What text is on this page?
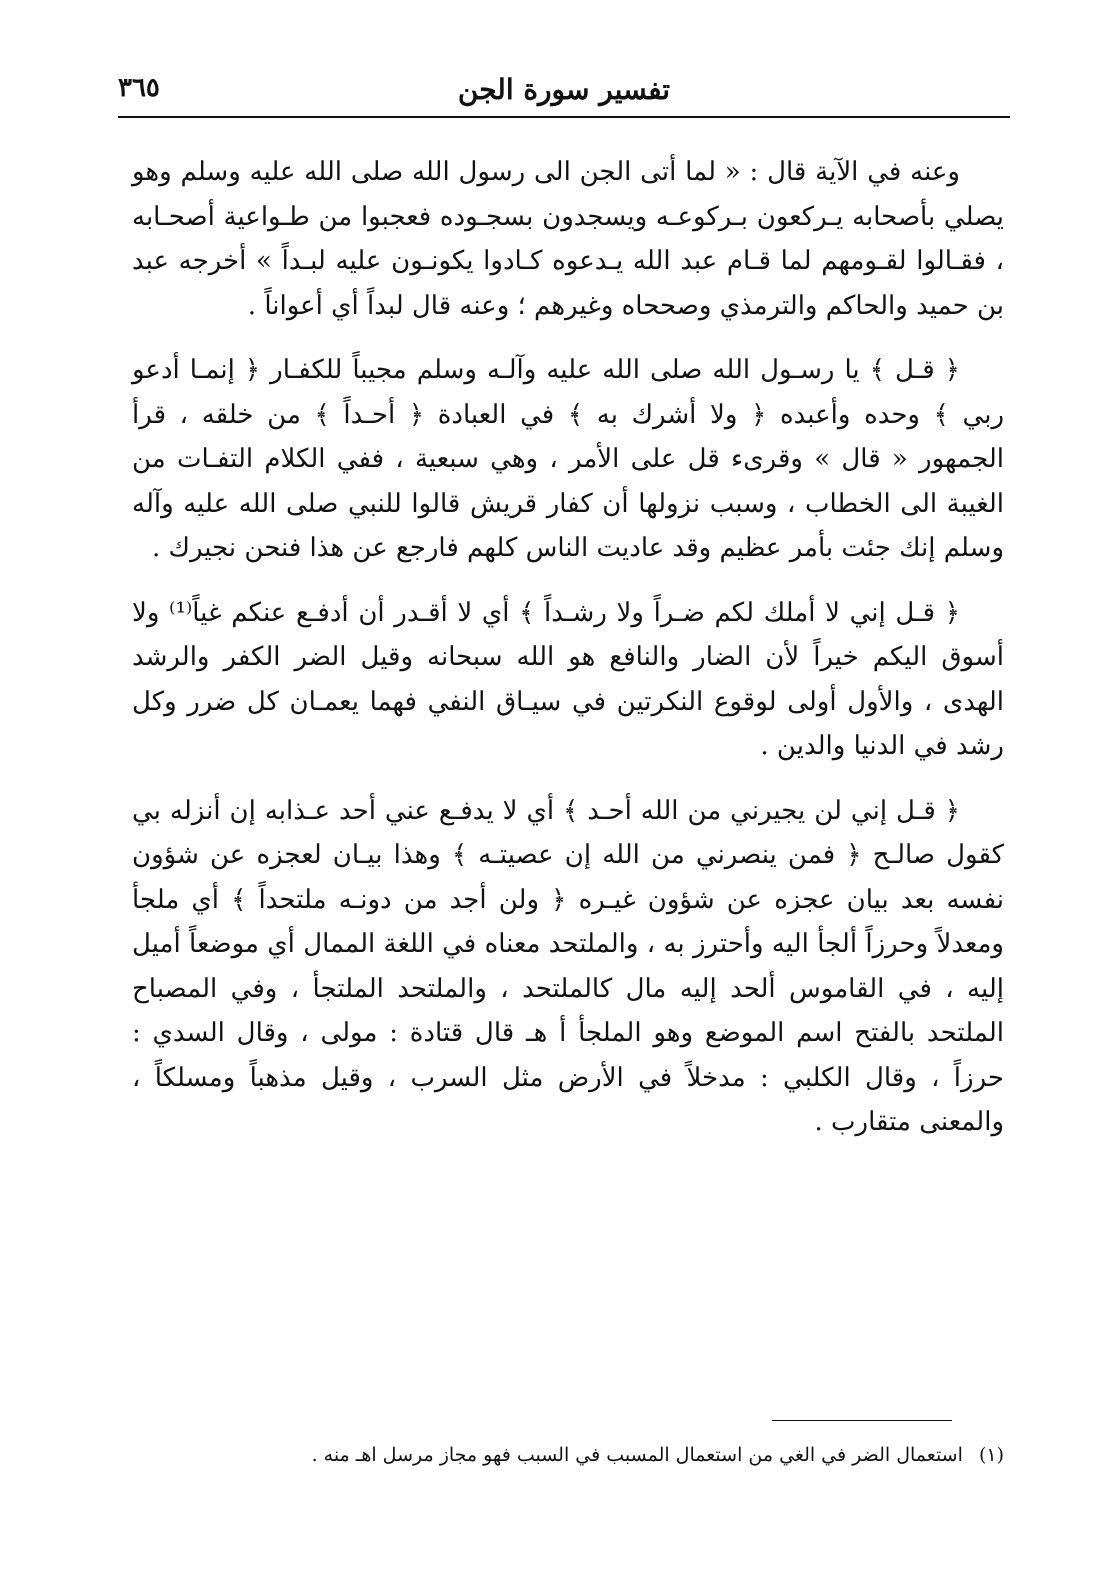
تفسير سورة الجن
٣٦٥

وعنه في الآية قال : « لما أتى الجن الى رسول الله صلى الله عليه وسلم وهو يصلي بأصحابه يـركعون بـركوعـه ويسجدون بسجـوده فعجبوا من طـواعية أصحـابه ، فقـالوا لقـومهم لما قـام عبد الله يـدعوه كـادوا يكونـون عليه لبـداً » أخرجه عبد بن حميد والحاكم والترمذي وصححاه وغيرهم ؛ وعنه قال لبداً أي أعواناً .

﴿ قـل ﴾ يا رسـول الله صلى الله عليه وآلـه وسلم مجيباً للكفـار ﴿ إنمـا أدعو ربي ﴾ وحده وأعبده ﴿ ولا أشرك به ﴾ في العبادة ﴿ أحـداً ﴾ من خلقه ، قرأ الجمهور « قال » وقرىء قل على الأمر ، وهي سبعية ، ففي الكلام التفـات من الغيبة الى الخطاب ، وسبب نزولها أن كفار قريش قالوا للنبي صلى الله عليه وآله وسلم إنك جئت بأمر عظيم وقد عاديت الناس كلهم فارجع عن هذا فنحن نجيرك .

﴿ قـل إني لا أملك لكم ضـراً ولا رشـداً ﴾ أي لا أقـدر أن أدفـع عنكم غياً⁽¹⁾ ولا أسوق اليكم خيراً لأن الضار والنافع هو الله سبحانه وقيل الضر الكفر والرشد الهدى ، والأول أولى لوقوع النكرتين في سيـاق النفي فهما يعمـان كل ضرر وكل رشد في الدنيا والدين .

﴿ قـل إني لن يجيرني من الله أحـد ﴾ أي لا يدفـع عني أحد عـذابه إن أنزله بي كقول صالـح ﴿ فمن ينصرني من الله إن عصيتـه ﴾ وهذا بيـان لعجزه عن شؤون نفسه بعد بيان عجزه عن شؤون غيـره ﴿ ولن أجد من دونـه ملتحداً ﴾ أي ملجأ ومعدلاً وحرزاً ألجأ اليه وأحترز به ، والملتحد معناه في اللغة الممال أي موضعاً أميل إليه ، في القاموس ألحد إليه مال كالملتحد ، والملتحد الملتجأ ، وفي المصباح الملتحد بالفتح اسم الموضع وهو الملجأ أ هـ قال قتادة : مولى ، وقال السدي : حرزاً ، وقال الكلبي : مدخلاً في الأرض مثل السرب ، وقيل مذهباً ومسلكاً ، والمعنى متقارب .

(١) استعمال الضر في الغي من استعمال المسبب في السبب فهو مجاز مرسل اهـ منه .
